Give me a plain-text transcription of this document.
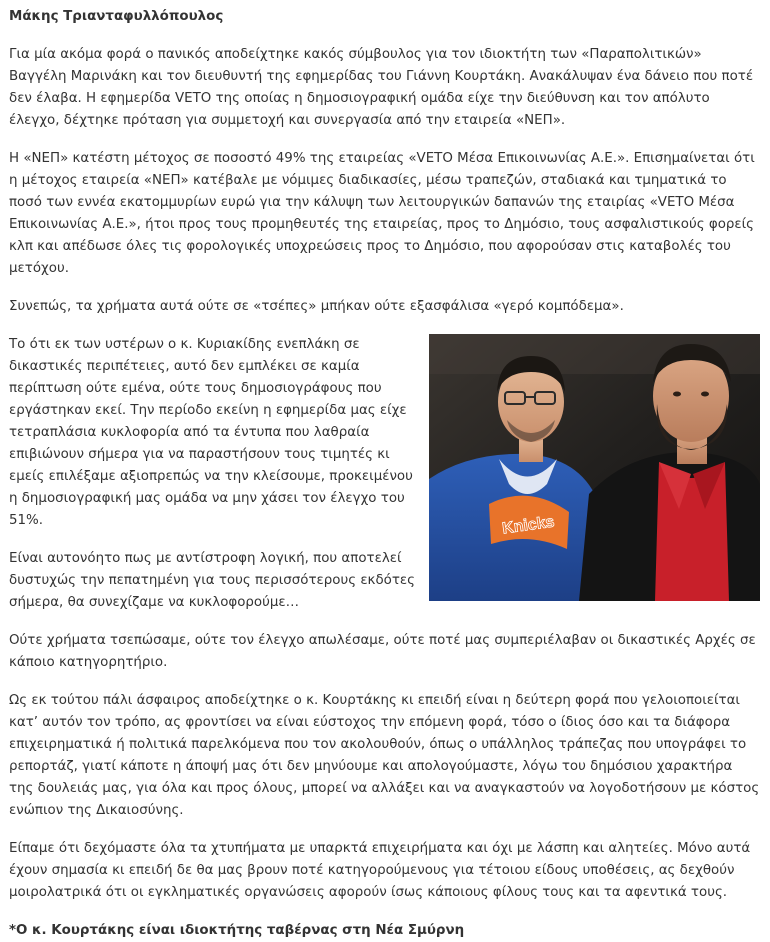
Μάκης Τριανταφυλλόπουλος

Για μία ακόμα φορά ο πανικός αποδείχτηκε κακός σύμβουλος για τον ιδιοκτήτη των «Παραπολιτικών» Βαγγέλη Μαρινάκη και τον διευθυντή της εφημερίδας του Γιάννη Κουρτάκη. Ανακάλυψαν ένα δάνειο που ποτέ δεν έλαβα. Η εφημερίδα VETO της οποίας η δημοσιογραφική ομάδα είχε την διεύθυνση και τον απόλυτο έλεγχο, δέχτηκε πρόταση για συμμετοχή και συνεργασία από την εταιρεία «ΝΕΠ».

Η «ΝΕΠ» κατέστη μέτοχος σε ποσοστό 49% της εταιρείας «VETO Μέσα Επικοινωνίας Α.Ε.». Επισημαίνεται ότι η μέτοχος εταιρεία «ΝΕΠ» κατέβαλε με νόμιμες διαδικασίες, μέσω τραπεζών, σταδιακά και τμηματικά το ποσό των εννέα εκατομμυρίων ευρώ για την κάλυψη των λειτουργικών δαπανών της εταιρίας «VETO Μέσα Επικοινωνίας Α.Ε.», ήτοι προς τους προμηθευτές της εταιρείας, προς το Δημόσιο, τους ασφαλιστικούς φορείς κλπ και απέδωσε όλες τις φορολογικές υποχρεώσεις προς το Δημόσιο, που αφορούσαν στις καταβολές του μετόχου.

Συνεπώς, τα χρήματα αυτά ούτε σε «τσέπες» μπήκαν ούτε εξασφάλισα «γερό κομπόδεμα».

Knicks
Το ότι εκ των υστέρων ο κ. Κυριακίδης ενεπλάκη σε δικαστικές περιπέτειες, αυτό δεν εμπλέκει σε καμία περίπτωση ούτε εμένα, ούτε τους δημοσιογράφους που εργάστηκαν εκεί. Την περίοδο εκείνη η εφημερίδα μας είχε τετραπλάσια κυκλοφορία από τα έντυπα που λαθραία επιβιώνουν σήμερα για να παραστήσουν τους τιμητές κι εμείς επιλέξαμε αξιοπρεπώς να την κλείσουμε, προκειμένου η δημοσιογραφική μας ομάδα να μην χάσει τον έλεγχο του 51%.

Είναι αυτονόητο πως με αντίστροφη λογική, που αποτελεί δυστυχώς την πεπατημένη για τους περισσότερους εκδότες σήμερα, θα συνεχίζαμε να κυκλοφορούμε…

Ούτε χρήματα τσεπώσαμε, ούτε τον έλεγχο απωλέσαμε, ούτε ποτέ μας συμπεριέλαβαν οι δικαστικές Αρχές σε κάποιο κατηγορητήριο.

Ως εκ τούτου πάλι άσφαιρος αποδείχτηκε ο κ. Κουρτάκης κι επειδή είναι η δεύτερη φορά που γελοιοποιείται κατ’ αυτόν τον τρόπο, ας φροντίσει να είναι εύστοχος την επόμενη φορά, τόσο ο ίδιος όσο και τα διάφορα επιχειρηματικά ή πολιτικά παρελκόμενα που τον ακολουθούν, όπως ο υπάλληλος τράπεζας που υπογράφει το ρεπορτάζ, γιατί κάποτε η άποψή μας ότι δεν μηνύουμε και απολογούμαστε, λόγω του δημόσιου χαρακτήρα της δουλειάς μας, για όλα και προς όλους, μπορεί να αλλάξει και να αναγκαστούν να λογοδοτήσουν με κόστος ενώπιον της Δικαιοσύνης.

Είπαμε ότι δεχόμαστε όλα τα χτυπήματα με υπαρκτά επιχειρήματα και όχι με λάσπη και αλητείες. Μόνο αυτά έχουν σημασία κι επειδή δε θα μας βρουν ποτέ κατηγορούμενους για τέτοιου είδους υποθέσεις, ας δεχθούν μοιρολατρικά ότι οι εγκληματικές οργανώσεις αφορούν ίσως κάποιους φίλους τους και τα αφεντικά τους.

*Ο κ. Κουρτάκης είναι ιδιοκτήτης ταβέρνας στη Νέα Σμύρνη
